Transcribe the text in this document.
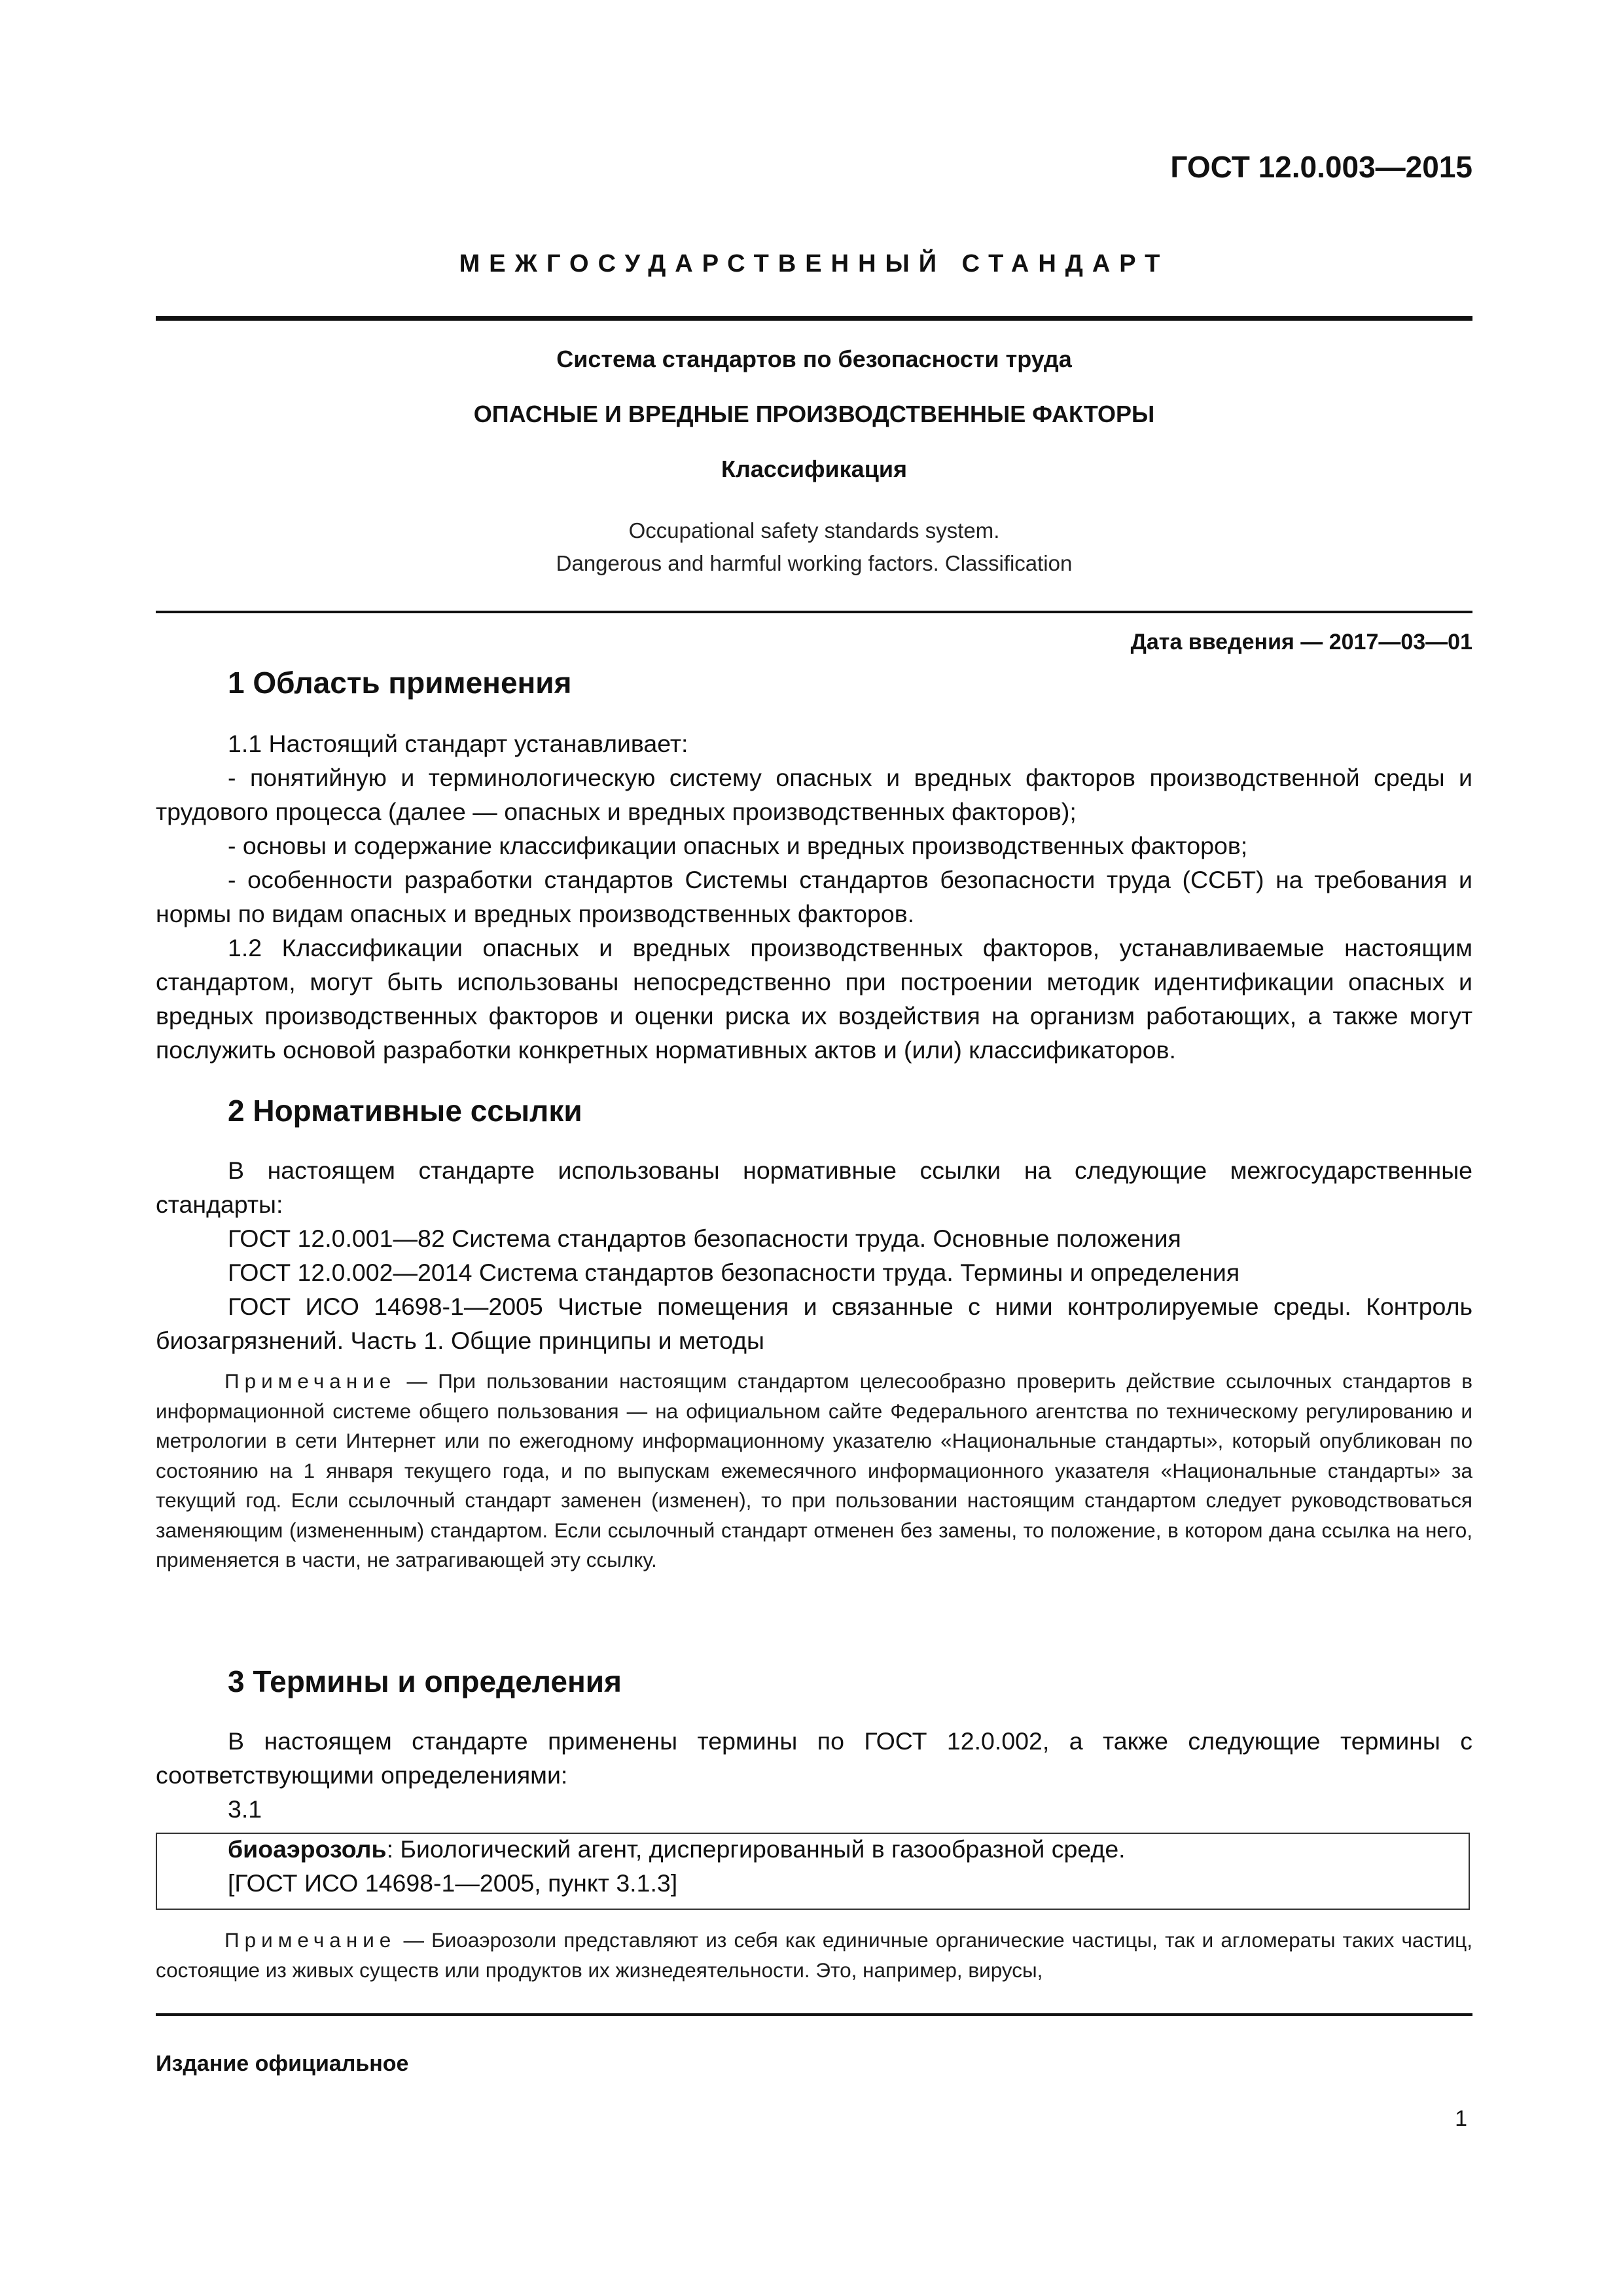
ГОСТ 12.0.003—2015
МЕЖГОСУДАРСТВЕННЫЙ СТАНДАРТ
Система стандартов по безопасности труда
ОПАСНЫЕ И ВРЕДНЫЕ ПРОИЗВОДСТВЕННЫЕ ФАКТОРЫ
Классификация
Occupational safety standards system.
Dangerous and harmful working factors. Classification
Дата введения — 2017—03—01
1 Область применения

1.1 Настоящий стандарт устанавливает:

- понятийную и терминологическую систему опасных и вредных факторов производственной среды и трудового процесса (далее — опасных и вредных производственных факторов);

- основы и содержание классификации опасных и вредных производственных факторов;

- особенности разработки стандартов Системы стандартов безопасности труда (ССБТ) на требования и нормы по видам опасных и вредных производственных факторов.

1.2 Классификации опасных и вредных производственных факторов, устанавливаемые настоящим стандартом, могут быть использованы непосредственно при построении методик идентификации опасных и вредных производственных факторов и оценки риска их воздействия на организм работающих, а также могут послужить основой разработки конкретных нормативных актов и (или) классификаторов.

2 Нормативные ссылки

В настоящем стандарте использованы нормативные ссылки на следующие межгосударственные стандарты:

ГОСТ 12.0.001—82 Система стандартов безопасности труда. Основные положения

ГОСТ 12.0.002—2014 Система стандартов безопасности труда. Термины и определения

ГОСТ ИСО 14698-1—2005 Чистые помещения и связанные с ними контролируемые среды. Контроль биозагрязнений. Часть 1. Общие принципы и методы

Примечание — При пользовании настоящим стандартом целесообразно проверить действие ссылочных стандартов в информационной системе общего пользования — на официальном сайте Федерального агентства по техническому регулированию и метрологии в сети Интернет или по ежегодному информационному указателю «Национальные стандарты», который опубликован по состоянию на 1 января текущего года, и по выпускам ежемесячного информационного указателя «Национальные стандарты» за текущий год. Если ссылочный стандарт заменен (изменен), то при пользовании настоящим стандартом следует руководствоваться заменяющим (измененным) стандартом. Если ссылочный стандарт отменен без замены, то положение, в котором дана ссылка на него, применяется в части, не затрагивающей эту ссылку.

3 Термины и определения

В настоящем стандарте применены термины по ГОСТ 12.0.002, а также следующие термины с соответствующими определениями:

3.1

биоаэрозоль: Биологический агент, диспергированный в газообразной среде.
[ГОСТ ИСО 14698-1—2005, пункт 3.1.3]

Примечание — Биоаэрозоли представляют из себя как единичные органические частицы, так и агломераты таких частиц, состоящие из живых существ или продуктов их жизнедеятельности. Это, например, вирусы,

Издание официальное
1
